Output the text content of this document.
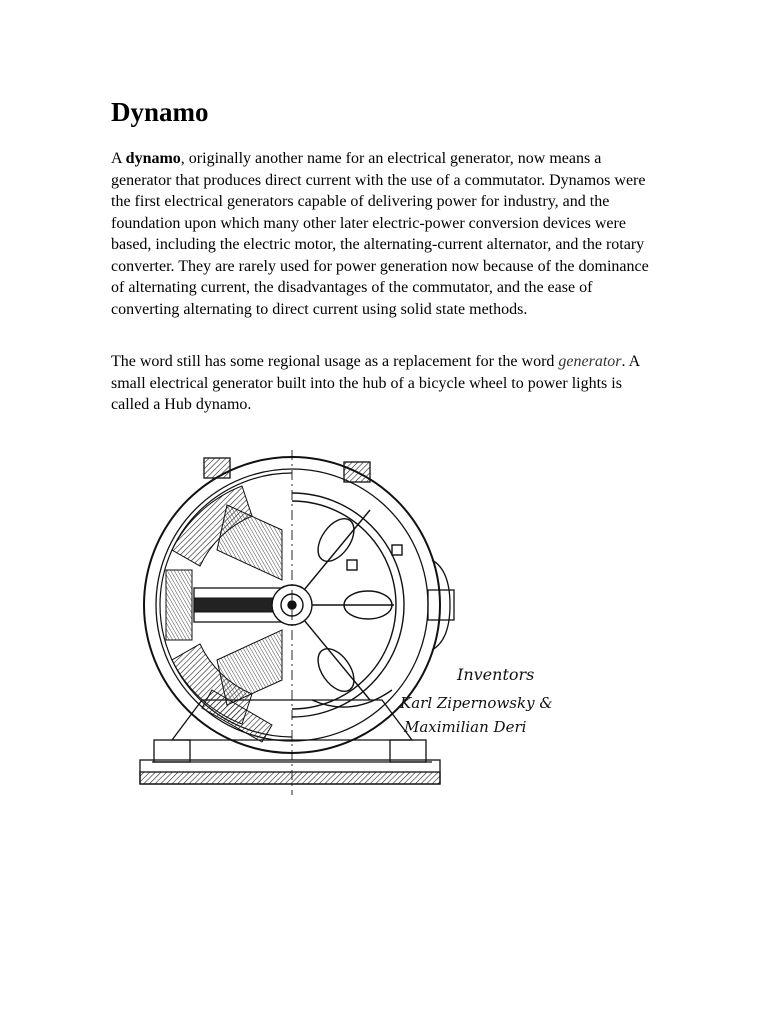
Dynamo

A dynamo, originally another name for an electrical generator, now means a generator that produces direct current with the use of a commutator. Dynamos were the first electrical generators capable of delivering power for industry, and the foundation upon which many other later electric-power conversion devices were based, including the electric motor, the alternating-current alternator, and the rotary converter. They are rarely used for power generation now because of the dominance of alternating current, the disadvantages of the commutator, and the ease of converting alternating to direct current using solid state methods.

The word still has some regional usage as a replacement for the word generator. A small electrical generator built into the hub of a bicycle wheel to power lights is called a Hub dynamo.

Inventors
Karl Zipernowsky &
Maximilian Deri
